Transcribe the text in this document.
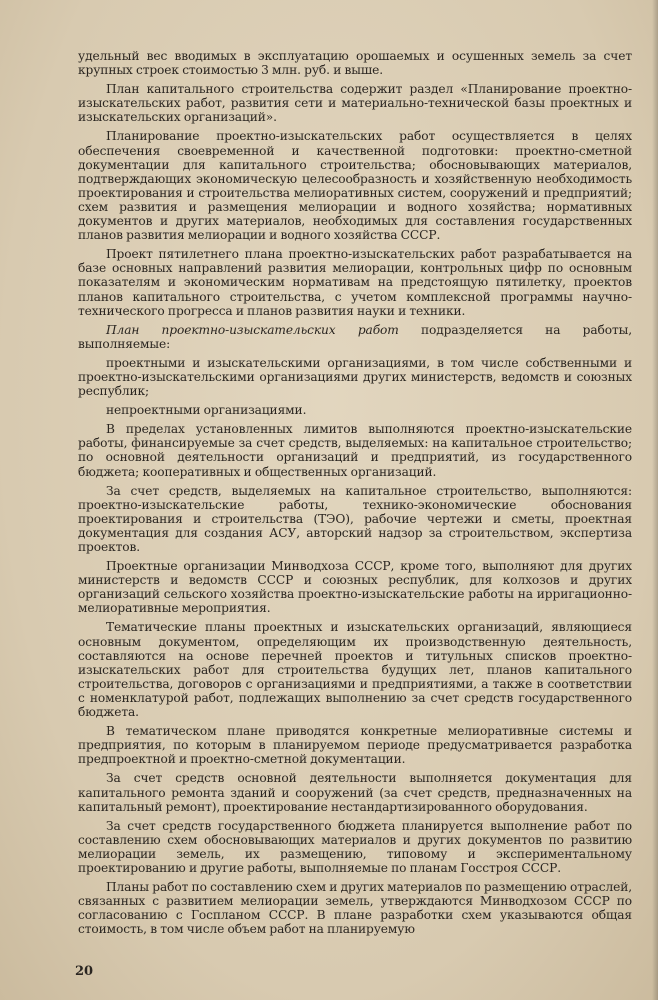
удельный вес вводимых в эксплуатацию орошаемых и осушенных земель за счет крупных строек стоимостью 3 млн. руб. и выше.

План капитального строительства содержит раздел «Планирование проектно-изыскательских работ, развития сети и материально-технической базы проектных и изыскательских организаций».

Планирование проектно-изыскательских работ осуществляется в целях обеспечения своевременной и качественной подготовки: проектно-сметной документации для капитального строительства; обосновывающих материалов, подтверждающих экономическую целесообразность и хозяйственную необходимость проектирования и строительства мелиоративных систем, сооружений и предприятий; схем развития и размещения мелиорации и водного хозяйства; нормативных документов и других материалов, необходимых для составления государственных планов развития мелиорации и водного хозяйства СССР.

Проект пятилетнего плана проектно-изыскательских работ разрабатывается на базе основных направлений развития мелиорации, контрольных цифр по основным показателям и экономическим нормативам на предстоящую пятилетку, проектов планов капитального строительства, с учетом комплексной программы научно-технического прогресса и планов развития науки и техники.

План проектно-изыскательских работ подразделяется на работы, выполняемые:

проектными и изыскательскими организациями, в том числе собственными и проектно-изыскательскими организациями других министерств, ведомств и союзных республик;

непроектными организациями.

В пределах установленных лимитов выполняются проектно-изыскательские работы, финансируемые за счет средств, выделяемых: на капитальное строительство; по основной деятельности организаций и предприятий, из государственного бюджета; кооперативных и общественных организаций.

За счет средств, выделяемых на капитальное строительство, выполняются: проектно-изыскательские работы, технико-экономические обоснования проектирования и строительства (ТЭО), рабочие чертежи и сметы, проектная документация для создания АСУ, авторский надзор за строительством, экспертиза проектов.

Проектные организации Минводхоза СССР, кроме того, выполняют для других министерств и ведомств СССР и союзных республик, для колхозов и других организаций сельского хозяйства проектно-изыскательские работы на ирригационно-мелиоративные мероприятия.

Тематические планы проектных и изыскательских организаций, являющиеся основным документом, определяющим их производственную деятельность, составляются на основе перечней проектов и титульных списков проектно-изыскательских работ для строительства будущих лет, планов капитального строительства, договоров с организациями и предприятиями, а также в соответствии с номенклатурой работ, подлежащих выполнению за счет средств государственного бюджета.

В тематическом плане приводятся конкретные мелиоративные системы и предприятия, по которым в планируемом периоде предусматривается разработка предпроектной и проектно-сметной документации.

За счет средств основной деятельности выполняется документация для капитального ремонта зданий и сооружений (за счет средств, предназначенных на капитальный ремонт), проектирование нестандартизированного оборудования.

За счет средств государственного бюджета планируется выполнение работ по составлению схем обосновывающих материалов и других документов по развитию мелиорации земель, их размещению, типовому и экспериментальному проектированию и другие работы, выполняемые по планам Госстроя СССР.

Планы работ по составлению схем и других материалов по размещению отраслей, связанных с развитием мелиорации земель, утверждаются Минводхозом СССР по согласованию с Госпланом СССР. В плане разработки схем указываются общая стоимость, в том числе объем работ на планируемую

20
